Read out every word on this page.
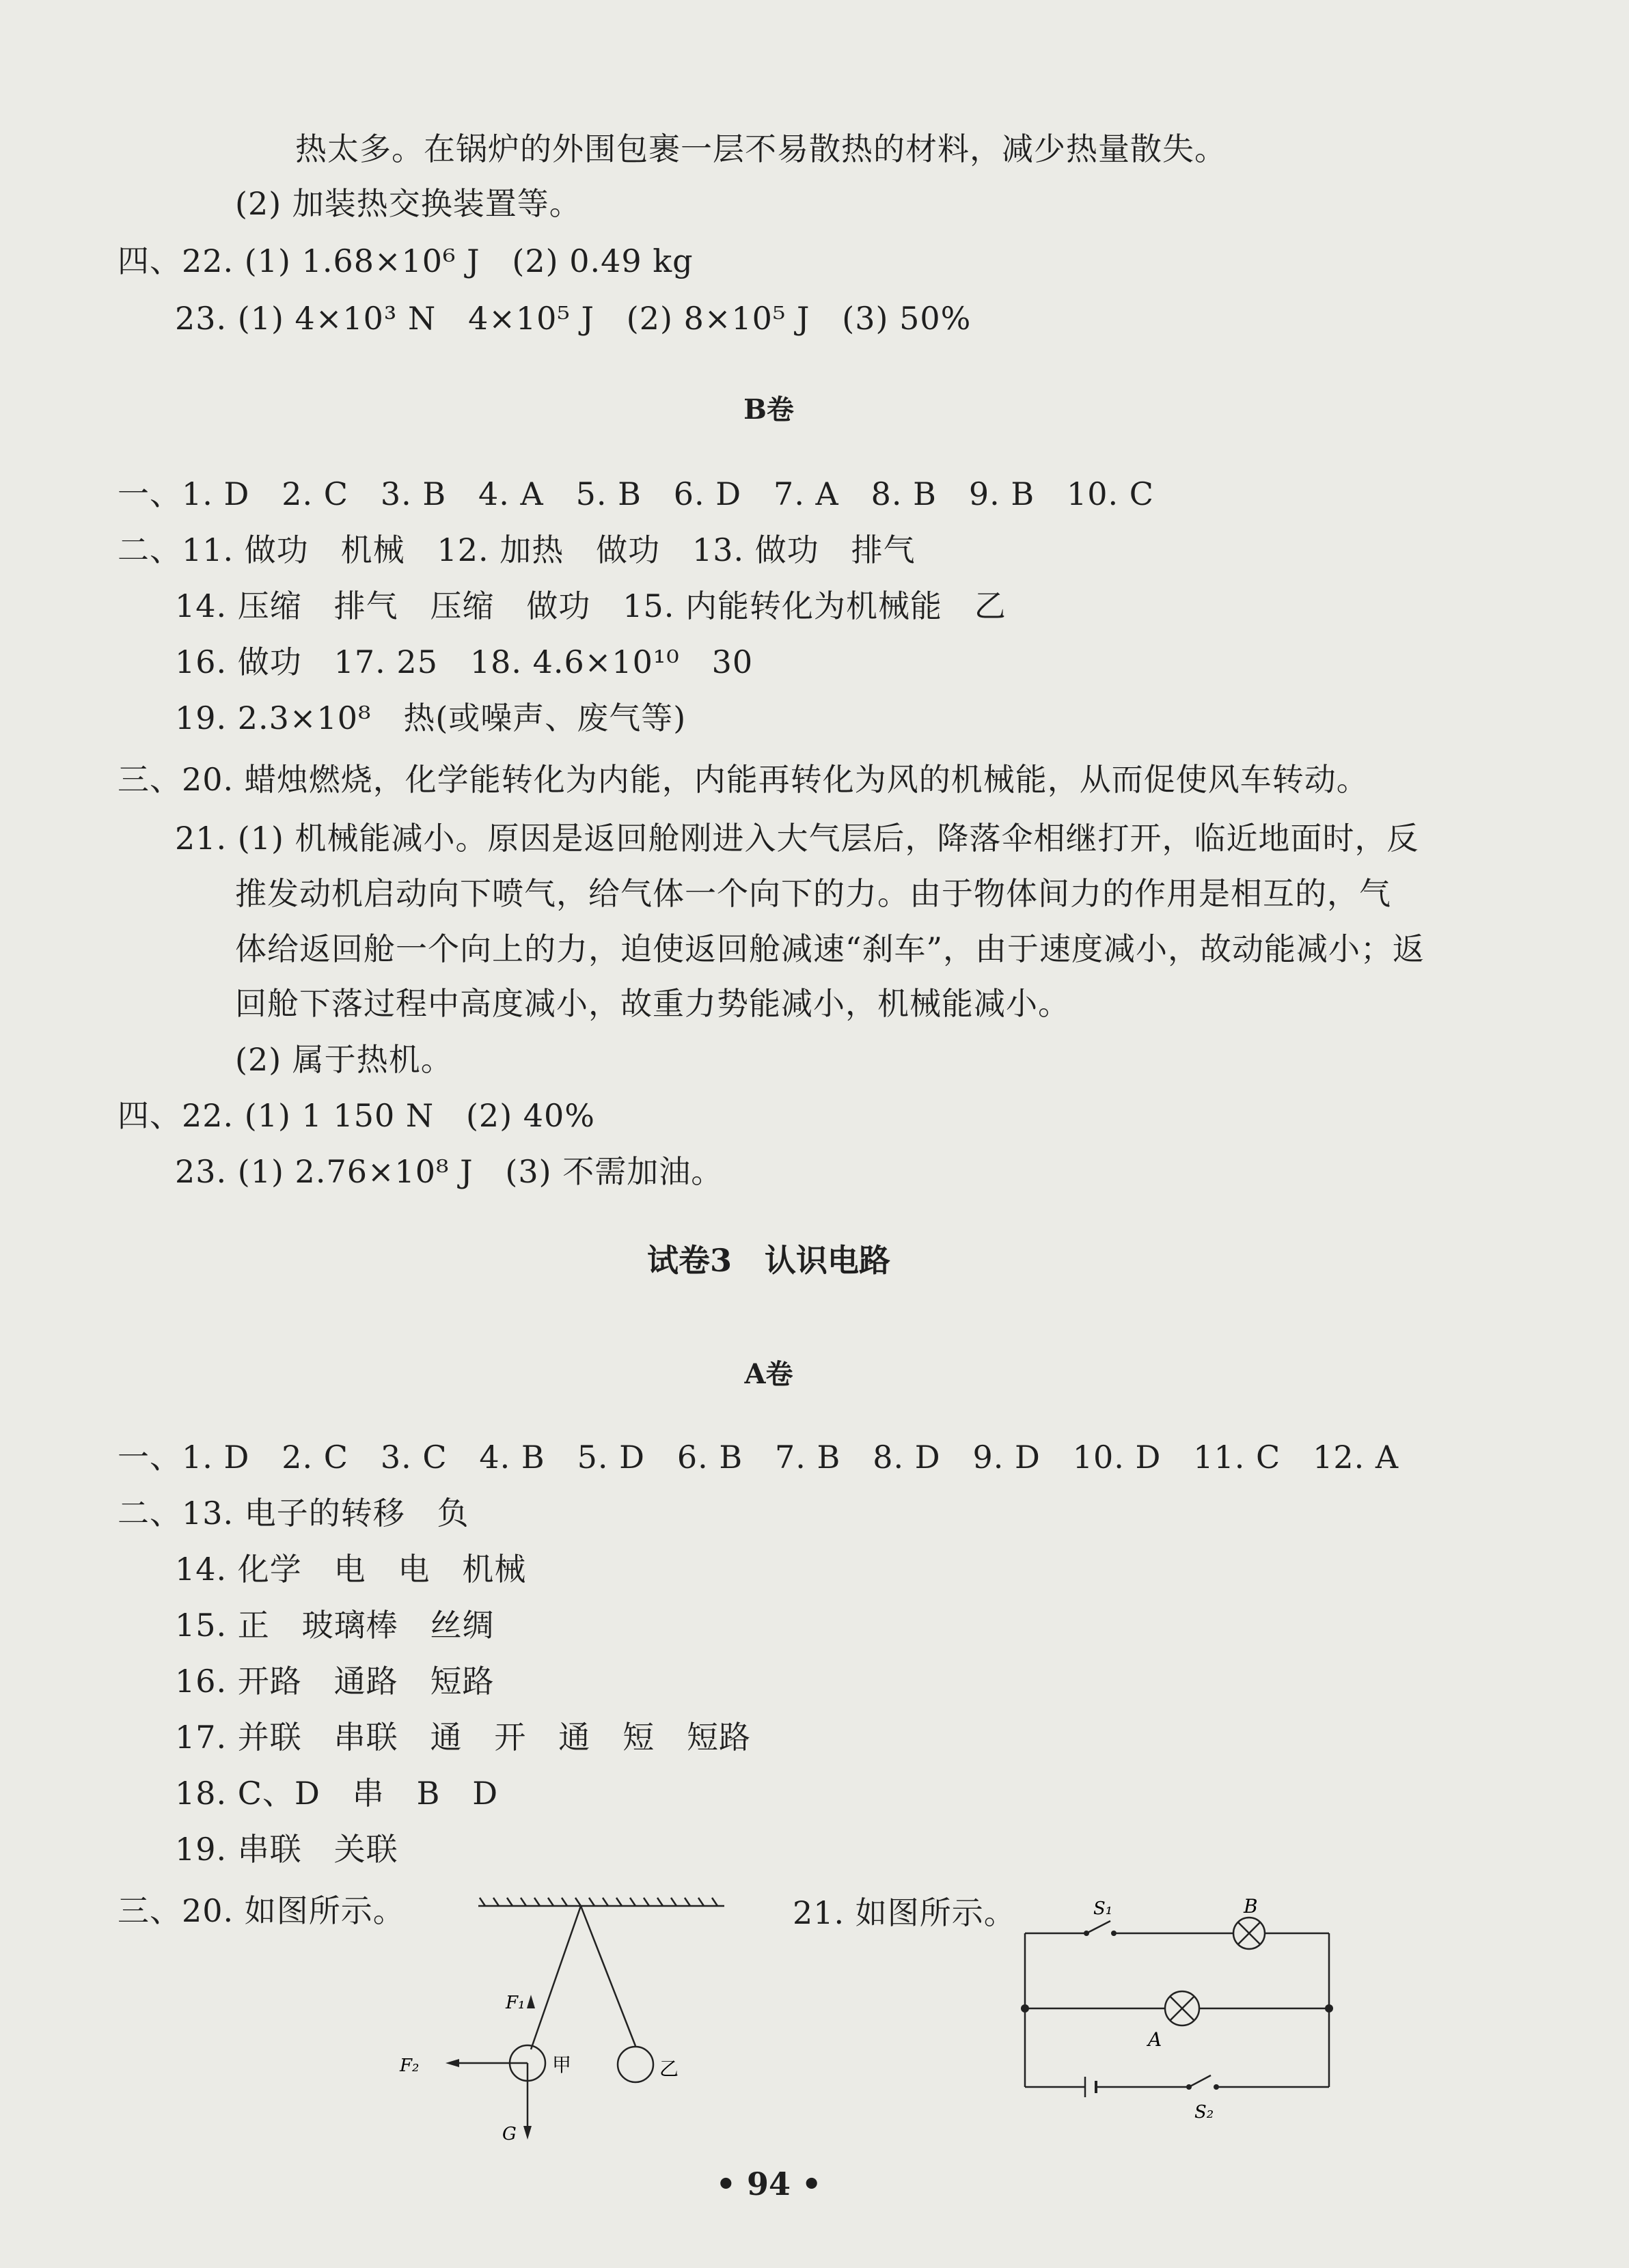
热太多。在锅炉的外围包裹一层不易散热的材料，减少热量散失。
(2) 加装热交换装置等。
四、22. (1) 1.68×10⁶ J   (2) 0.49 kg
23. (1) 4×10³ N   4×10⁵ J   (2) 8×10⁵ J   (3) 50%
B卷
一、1. D   2. C   3. B   4. A   5. B   6. D   7. A   8. B   9. B   10. C
二、11. 做功   机械   12. 加热   做功   13. 做功   排气
14. 压缩   排气   压缩   做功   15. 内能转化为机械能   乙
16. 做功   17. 25   18. 4.6×10¹⁰   30
19. 2.3×10⁸   热(或噪声、废气等)
三、20. 蜡烛燃烧，化学能转化为内能，内能再转化为风的机械能，从而促使风车转动。
21. (1) 机械能减小。原因是返回舱刚进入大气层后，降落伞相继打开，临近地面时，反
推发动机启动向下喷气，给气体一个向下的力。由于物体间力的作用是相互的，气
体给返回舱一个向上的力，迫使返回舱减速“刹车”，由于速度减小，故动能减小；返
回舱下落过程中高度减小，故重力势能减小，机械能减小。
(2) 属于热机。
四、22. (1) 1 150 N   (2) 40%
23. (1) 2.76×10⁸ J   (3) 不需加油。
试卷3   认识电路
A卷
一、1. D   2. C   3. C   4. B   5. D   6. B   7. B   8. D   9. D   10. D   11. C   12. A
二、13. 电子的转移   负
14. 化学   电   电   机械
15. 正   玻璃棒   丝绸
16. 开路   通路   短路
17. 并联   串联   通   开   通   短   短路
18. C、D   串   B   D
19. 串联   关联
三、20. 如图所示。	21. 如图所示。
F₁
F₂
G
甲	乙
S₁	B
A
S₂
• 94 •
